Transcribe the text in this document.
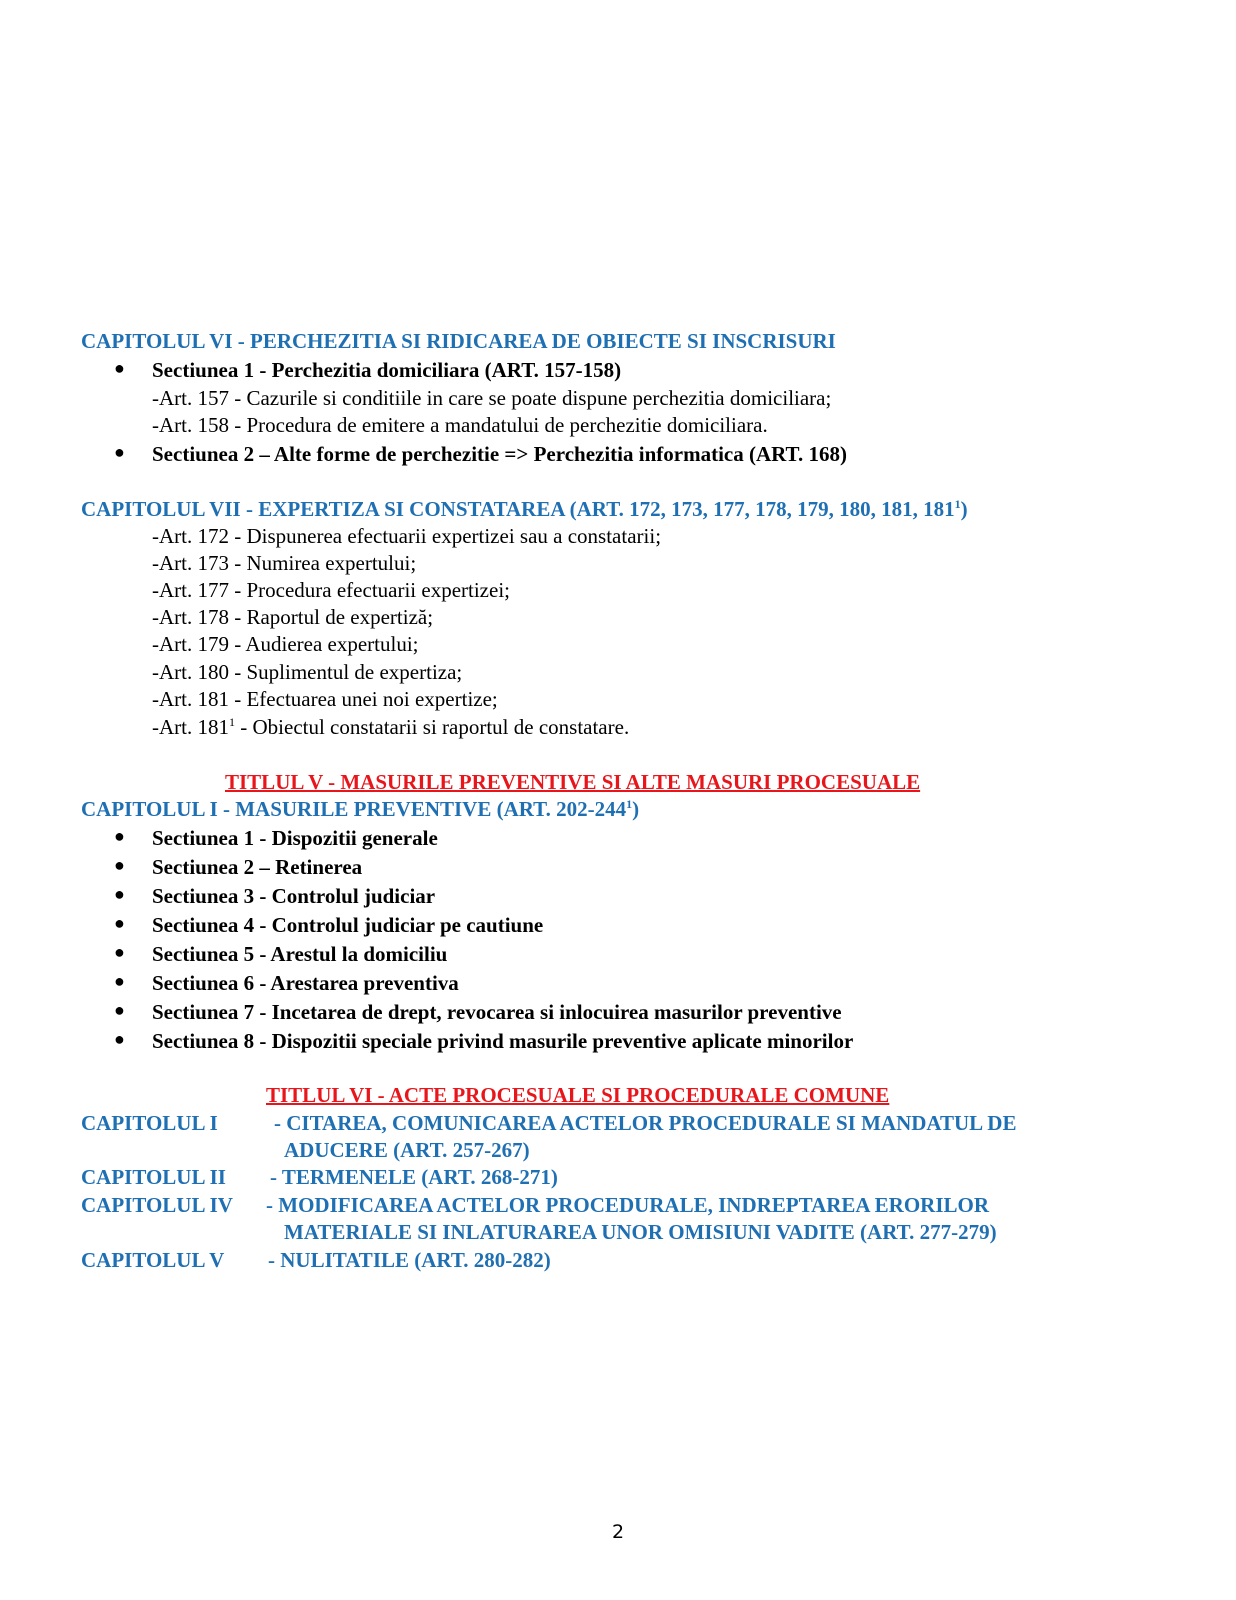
CAPITOLUL VI - PERCHEZITIA SI RIDICAREA DE OBIECTE SI INSCRISURI
● Sectiunea 1 - Perchezitia domiciliara (ART. 157-158)
-Art. 157 - Cazurile si conditiile in care se poate dispune perchezitia domiciliara;
-Art. 158 - Procedura de emitere a mandatului de perchezitie domiciliara.
● Sectiunea 2 – Alte forme de perchezitie => Perchezitia informatica (ART. 168)
CAPITOLUL VII - EXPERTIZA SI CONSTATAREA (ART. 172, 173, 177, 178, 179, 180, 181, $181^1$)
-Art. 172 - Dispunerea efectuarii expertizei sau a constatarii;
-Art. 173 - Numirea expertului;
-Art. 177 - Procedura efectuarii expertizei;
-Art. 178 - Raportul de expertiză;
-Art. 179 - Audierea expertului;
-Art. 180 - Suplimentul de expertiza;
-Art. 181 - Efectuarea unei noi expertize;
-Art. $181^1$ - Obiectul constatarii si raportul de constatare.
TITLUL V - MASURILE PREVENTIVE SI ALTE MASURI PROCESUALE
CAPITOLUL I - MASURILE PREVENTIVE (ART. $202-244^1$)
● Sectiunea 1 - Dispozitii generale
● Sectiunea 2 – Retinerea
● Sectiunea 3 - Controlul judiciar
● Sectiunea 4 - Controlul judiciar pe cautiune
● Sectiunea 5 - Arestul la domiciliu
● Sectiunea 6 - Arestarea preventiva
● Sectiunea 7 - Incetarea de drept, revocarea si inlocuirea masurilor preventive
● Sectiunea 8 - Dispozitii speciale privind masurile preventive aplicate minorilor
TITLUL VI - ACTE PROCESUALE SI PROCEDURALE COMUNE
CAPITOLUL I	- CITAREA, COMUNICAREA ACTELOR PROCEDURALE SI MANDATUL DE
ADUCERE (ART. 257-267)
CAPITOLUL II - TERMENELE (ART. 268-271)
CAPITOLUL IV - MODIFICAREA ACTELOR PROCEDURALE, INDREPTAREA ERORILOR
MATERIALE SI INLATURAREA UNOR OMISIUNI VADITE (ART. 277-279)
CAPITOLUL V - NULITATILE (ART. 280-282)
2
